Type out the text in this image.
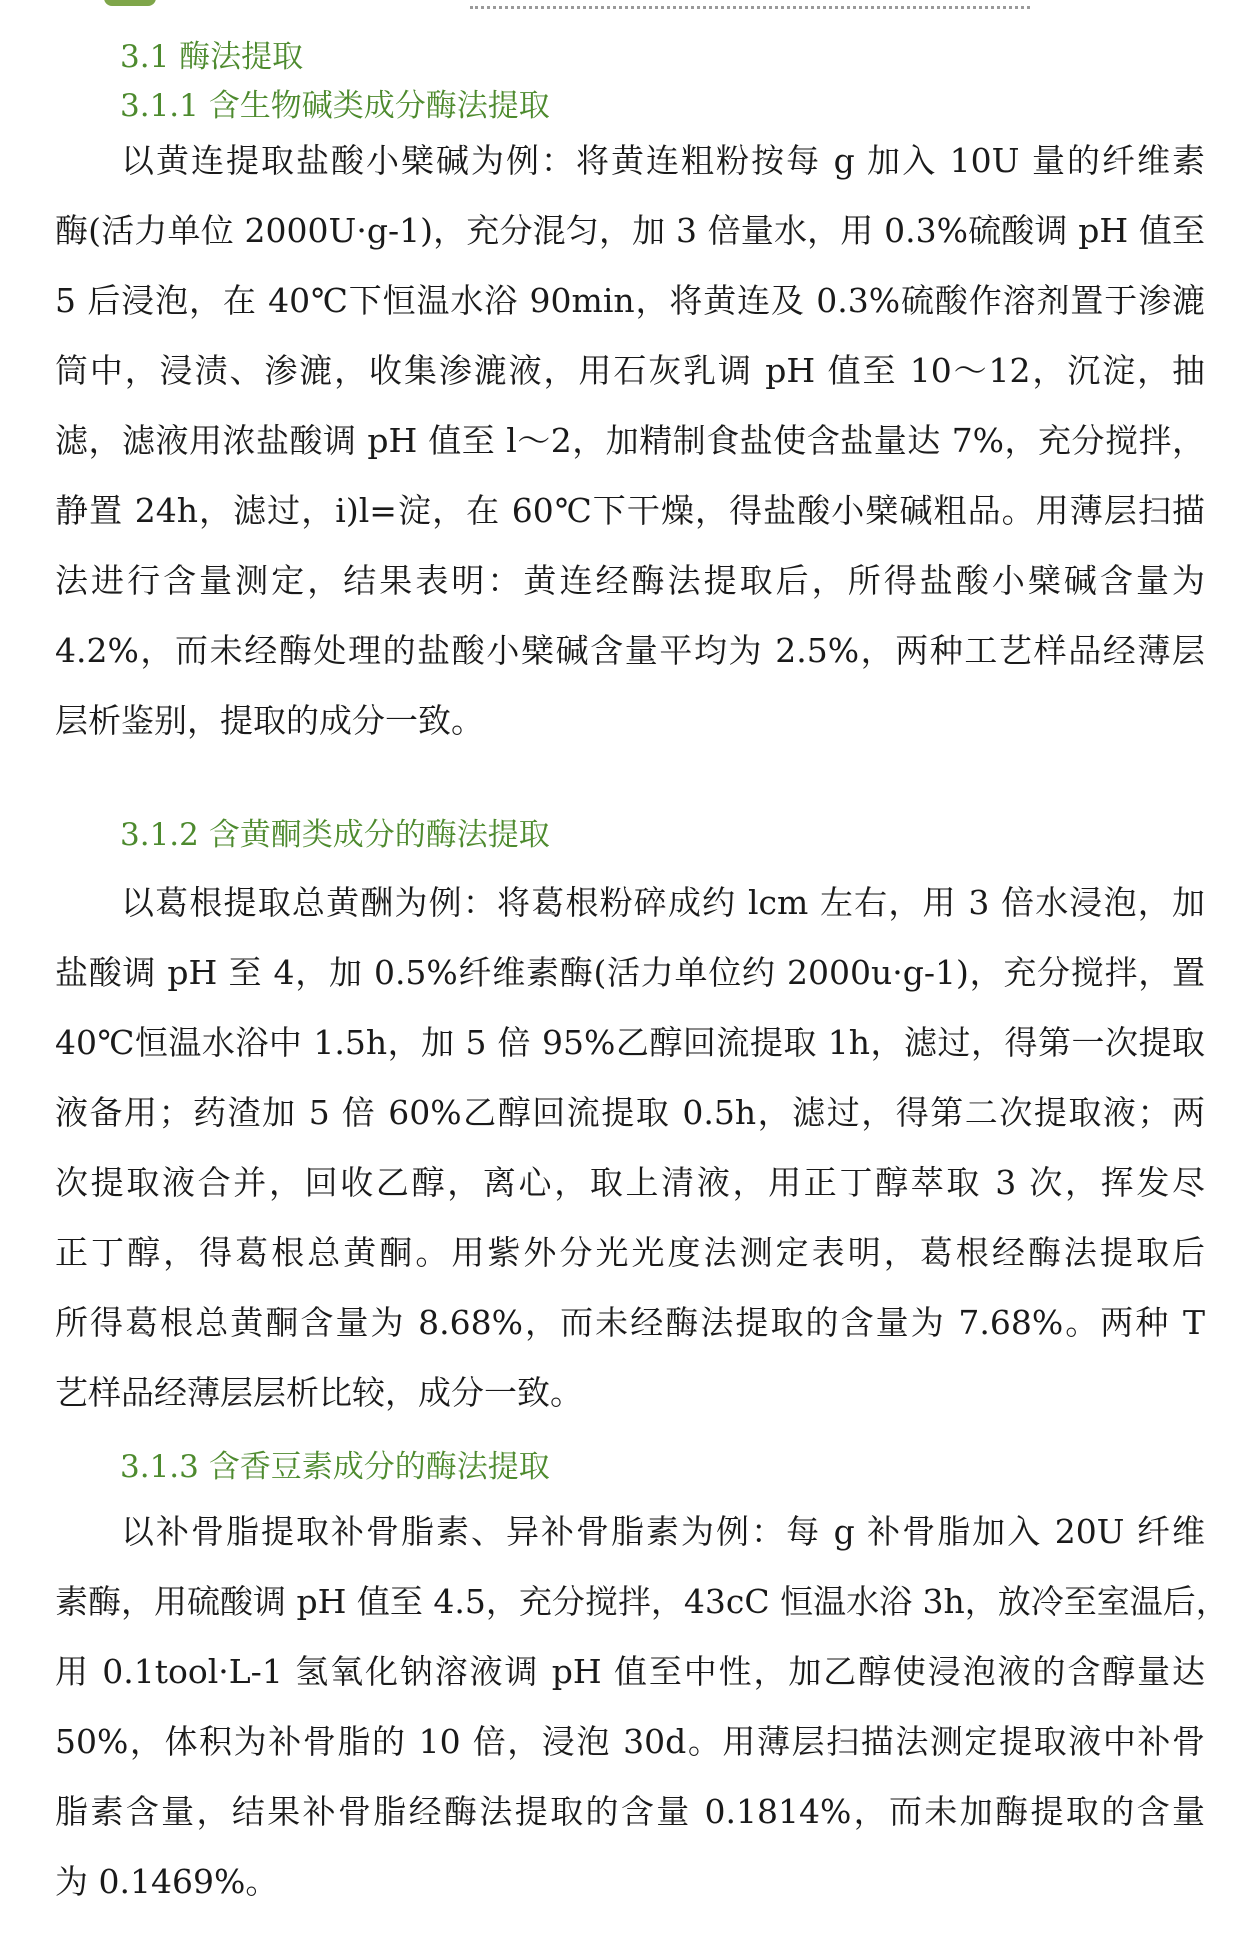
3.1 酶法提取
3.1.1 含生物碱类成分酶法提取
以黄连提取盐酸小檗碱为例：将黄连粗粉按每 g 加入 10U 量的纤维素
酶(活力单位 2000U·g-1)，充分混匀，加 3 倍量水，用 0.3%硫酸调 pH 值至
5 后浸泡，在 40℃下恒温水浴 90min，将黄连及 0.3%硫酸作溶剂置于渗漉
筒中，浸渍、渗漉，收集渗漉液，用石灰乳调 pH 值至 10～12，沉淀，抽
滤，滤液用浓盐酸调 pH 值至 l～2，加精制食盐使含盐量达 7%，充分搅拌，
静置 24h，滤过，i)l=淀，在 60℃下干燥，得盐酸小檗碱粗品。用薄层扫描
法进行含量测定，结果表明：黄连经酶法提取后，所得盐酸小檗碱含量为
4.2%，而未经酶处理的盐酸小檗碱含量平均为 2.5%，两种工艺样品经薄层
层析鉴别，提取的成分一致。
3.1.2 含黄酮类成分的酶法提取
以葛根提取总黄酬为例：将葛根粉碎成约 lcm 左右，用 3 倍水浸泡，加
盐酸调 pH 至 4，加 0.5%纤维素酶(活力单位约 2000u·g-1)，充分搅拌，置
40℃恒温水浴中 1.5h，加 5 倍 95%乙醇回流提取 1h，滤过，得第一次提取
液备用；药渣加 5 倍 60%乙醇回流提取 0.5h，滤过，得第二次提取液；两
次提取液合并，回收乙醇，离心，取上清液，用正丁醇萃取 3 次，挥发尽
正丁醇，得葛根总黄酮。用紫外分光光度法测定表明，葛根经酶法提取后
所得葛根总黄酮含量为 8.68%，而未经酶法提取的含量为 7.68%。两种 T
艺样品经薄层层析比较，成分一致。
3.1.3 含香豆素成分的酶法提取
以补骨脂提取补骨脂素、异补骨脂素为例：每 g 补骨脂加入 20U 纤维
素酶，用硫酸调 pH 值至 4.5，充分搅拌，43cC 恒温水浴 3h，放冷至室温后，
用 0.1tool·L-1 氢氧化钠溶液调 pH 值至中性，加乙醇使浸泡液的含醇量达
50%，体积为补骨脂的 10 倍，浸泡 30d。用薄层扫描法测定提取液中补骨
脂素含量，结果补骨脂经酶法提取的含量 0.1814%，而未加酶提取的含量
为 0.1469%。
